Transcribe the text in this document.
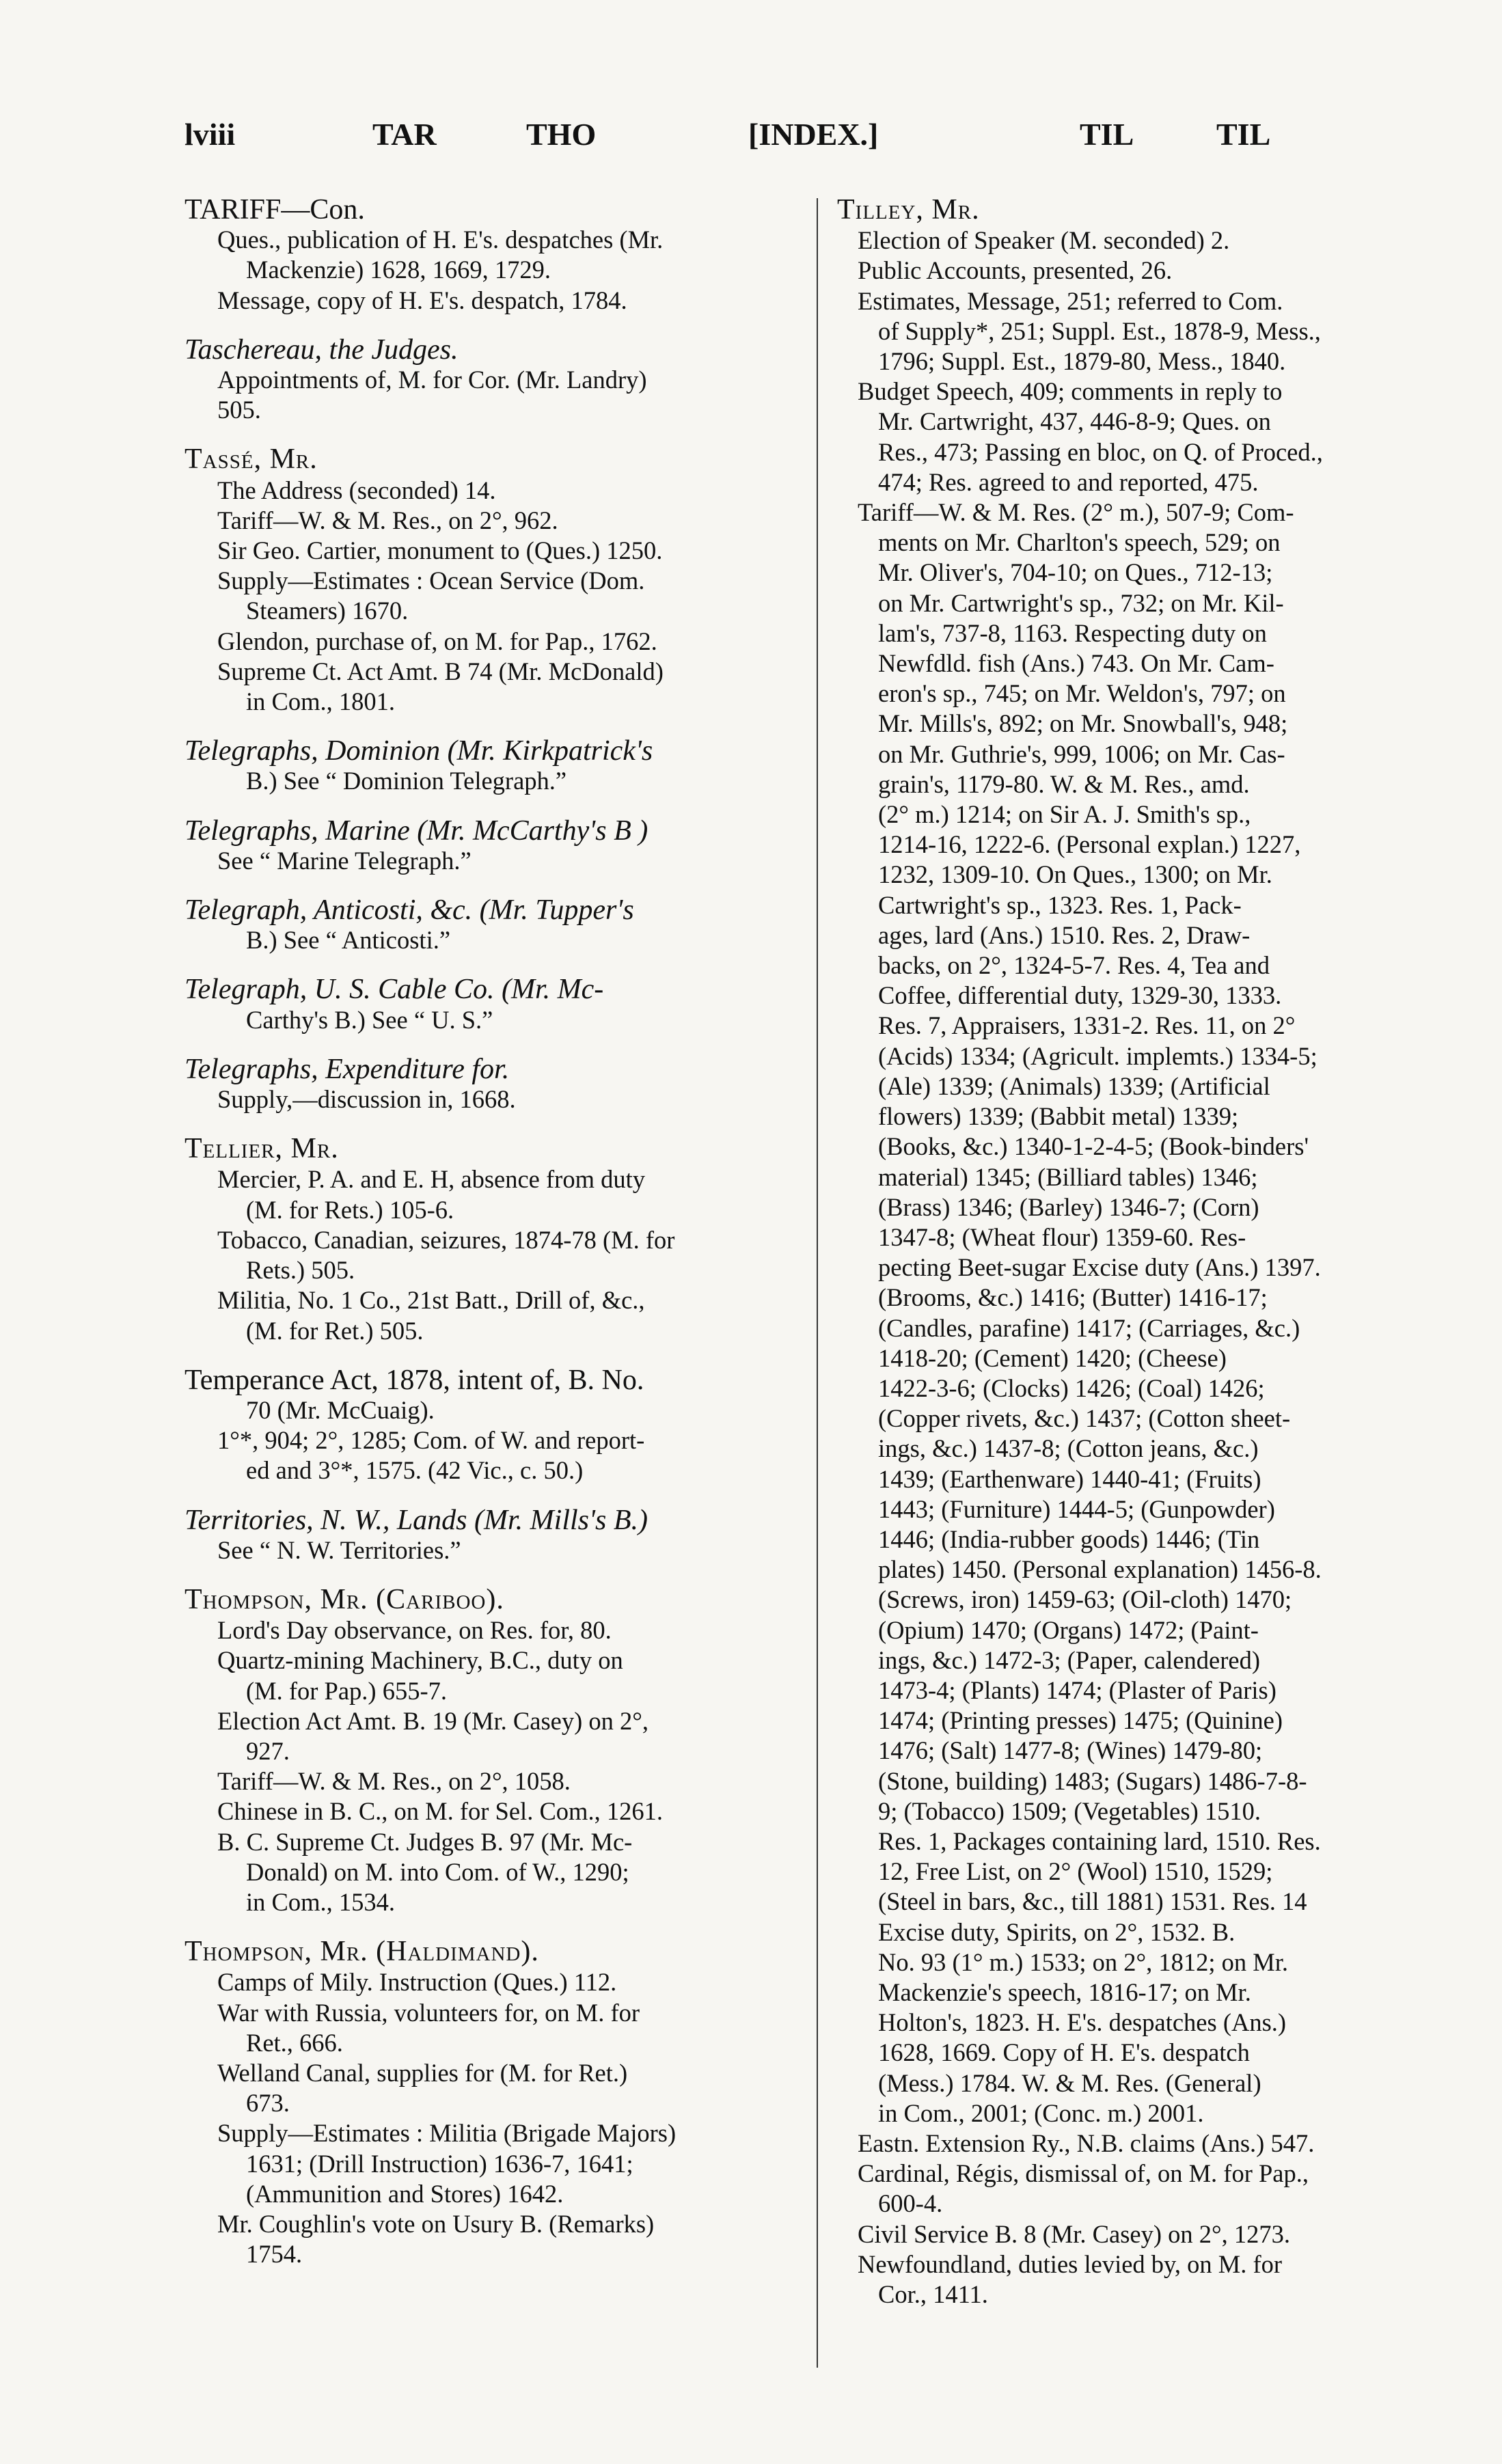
lviii	TAR	THO	[INDEX.]	TIL	TIL
TARIFF—Con.
Ques., publication of H. E's. despatches (Mr.
Mackenzie) 1628, 1669, 1729.
Message, copy of H. E's. despatch, 1784.
Taschereau, the Judges.
Appointments of, M. for Cor. (Mr. Landry)
505.
Tassé, Mr.
The Address (seconded) 14.
Tariff—W. & M. Res., on 2°, 962.
Sir Geo. Cartier, monument to (Ques.) 1250.
Supply—Estimates : Ocean Service (Dom.
Steamers) 1670.
Glendon, purchase of, on M. for Pap., 1762.
Supreme Ct. Act Amt. B 74 (Mr. McDonald)
in Com., 1801.
Telegraphs, Dominion (Mr. Kirkpatrick's
B.) See “ Dominion Telegraph.”
Telegraphs, Marine (Mr. McCarthy's B )
See “ Marine Telegraph.”
Telegraph, Anticosti, &c. (Mr. Tupper's
B.) See “ Anticosti.”
Telegraph, U. S. Cable Co. (Mr. Mc-
Carthy's B.) See “ U. S.”
Telegraphs, Expenditure for.
Supply,—discussion in, 1668.
Tellier, Mr.
Mercier, P. A. and E. H, absence from duty
(M. for Rets.) 105-6.
Tobacco, Canadian, seizures, 1874-78 (M. for
Rets.) 505.
Militia, No. 1 Co., 21st Batt., Drill of, &c.,
(M. for Ret.) 505.
Temperance Act, 1878, intent of, B. No.
70 (Mr. McCuaig).
1°*, 904; 2°, 1285; Com. of W. and report-
ed and 3°*, 1575. (42 Vic., c. 50.)
Territories, N. W., Lands (Mr. Mills's B.)
See “ N. W. Territories.”
Thompson, Mr. (Cariboo).
Lord's Day observance, on Res. for, 80.
Quartz-mining Machinery, B.C., duty on
(M. for Pap.) 655-7.
Election Act Amt. B. 19 (Mr. Casey) on 2°,
927.
Tariff—W. & M. Res., on 2°, 1058.
Chinese in B. C., on M. for Sel. Com., 1261.
B. C. Supreme Ct. Judges B. 97 (Mr. Mc-
Donald) on M. into Com. of W., 1290;
in Com., 1534.
Thompson, Mr. (Haldimand).
Camps of Mily. Instruction (Ques.) 112.
War with Russia, volunteers for, on M. for
Ret., 666.
Welland Canal, supplies for (M. for Ret.)
673.
Supply—Estimates : Militia (Brigade Majors)
1631; (Drill Instruction) 1636-7, 1641;
(Ammunition and Stores) 1642.
Mr. Coughlin's vote on Usury B. (Remarks)
1754.
Tilley, Mr.
Election of Speaker (M. seconded) 2.
Public Accounts, presented, 26.
Estimates, Message, 251; referred to Com.
of Supply*, 251; Suppl. Est., 1878-9, Mess.,
1796; Suppl. Est., 1879-80, Mess., 1840.
Budget Speech, 409; comments in reply to
Mr. Cartwright, 437, 446-8-9; Ques. on
Res., 473; Passing en bloc, on Q. of Proced.,
474; Res. agreed to and reported, 475.
Tariff—W. & M. Res. (2° m.), 507-9; Com-
ments on Mr. Charlton's speech, 529; on
Mr. Oliver's, 704-10; on Ques., 712-13;
on Mr. Cartwright's sp., 732; on Mr. Kil-
lam's, 737-8, 1163. Respecting duty on
Newfdld. fish (Ans.) 743. On Mr. Cam-
eron's sp., 745; on Mr. Weldon's, 797; on
Mr. Mills's, 892; on Mr. Snowball's, 948;
on Mr. Guthrie's, 999, 1006; on Mr. Cas-
grain's, 1179-80. W. & M. Res., amd.
(2° m.) 1214; on Sir A. J. Smith's sp.,
1214-16, 1222-6. (Personal explan.) 1227,
1232, 1309-10. On Ques., 1300; on Mr.
Cartwright's sp., 1323. Res. 1, Pack-
ages, lard (Ans.) 1510. Res. 2, Draw-
backs, on 2°, 1324-5-7. Res. 4, Tea and
Coffee, differential duty, 1329-30, 1333.
Res. 7, Appraisers, 1331-2. Res. 11, on 2°
(Acids) 1334; (Agricult. implemts.) 1334-5;
(Ale) 1339; (Animals) 1339; (Artificial
flowers) 1339; (Babbit metal) 1339;
(Books, &c.) 1340-1-2-4-5; (Book-binders'
material) 1345; (Billiard tables) 1346;
(Brass) 1346; (Barley) 1346-7; (Corn)
1347-8; (Wheat flour) 1359-60. Res-
pecting Beet-sugar Excise duty (Ans.) 1397.
(Brooms, &c.) 1416; (Butter) 1416-17;
(Candles, parafine) 1417; (Carriages, &c.)
1418-20; (Cement) 1420; (Cheese)
1422-3-6; (Clocks) 1426; (Coal) 1426;
(Copper rivets, &c.) 1437; (Cotton sheet-
ings, &c.) 1437-8; (Cotton jeans, &c.)
1439; (Earthenware) 1440-41; (Fruits)
1443; (Furniture) 1444-5; (Gunpowder)
1446; (India-rubber goods) 1446; (Tin
plates) 1450. (Personal explanation) 1456-8.
(Screws, iron) 1459-63; (Oil-cloth) 1470;
(Opium) 1470; (Organs) 1472; (Paint-
ings, &c.) 1472-3; (Paper, calendered)
1473-4; (Plants) 1474; (Plaster of Paris)
1474; (Printing presses) 1475; (Quinine)
1476; (Salt) 1477-8; (Wines) 1479-80;
(Stone, building) 1483; (Sugars) 1486-7-8-
9; (Tobacco) 1509; (Vegetables) 1510.
Res. 1, Packages containing lard, 1510. Res.
12, Free List, on 2° (Wool) 1510, 1529;
(Steel in bars, &c., till 1881) 1531. Res. 14
Excise duty, Spirits, on 2°, 1532. B.
No. 93 (1° m.) 1533; on 2°, 1812; on Mr.
Mackenzie's speech, 1816-17; on Mr.
Holton's, 1823. H. E's. despatches (Ans.)
1628, 1669. Copy of H. E's. despatch
(Mess.) 1784. W. & M. Res. (General)
in Com., 2001; (Conc. m.) 2001.
Eastn. Extension Ry., N.B. claims (Ans.) 547.
Cardinal, Régis, dismissal of, on M. for Pap.,
600-4.
Civil Service B. 8 (Mr. Casey) on 2°, 1273.
Newfoundland, duties levied by, on M. for
Cor., 1411.
